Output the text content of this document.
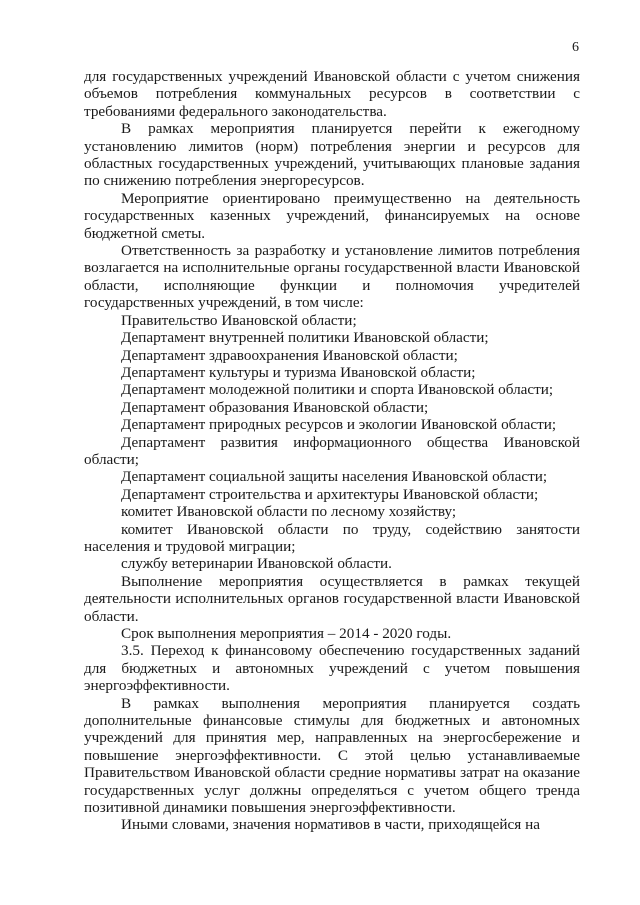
6

для государственных учреждений Ивановской области с учетом снижения объемов потребления коммунальных ресурсов в соответствии с требованиями федерального законодательства.

В рамках мероприятия планируется перейти к ежегодному установлению лимитов (норм) потребления энергии и ресурсов для областных государственных учреждений, учитывающих плановые задания по снижению потребления энергоресурсов.

Мероприятие ориентировано преимущественно на деятельность государственных казенных учреждений, финансируемых на основе бюджетной сметы.

Ответственность за разработку и установление лимитов потребления возлагается на исполнительные органы государственной власти Ивановской области, исполняющие функции и полномочия учредителей государственных учреждений, в том числе:

Правительство Ивановской области;

Департамент внутренней политики Ивановской области;

Департамент здравоохранения Ивановской области;

Департамент культуры и туризма Ивановской области;

Департамент молодежной политики и спорта Ивановской области;

Департамент образования Ивановской области;

Департамент природных ресурсов и экологии Ивановской области;

Департамент развития информационного общества Ивановской области;

Департамент социальной защиты населения Ивановской области;

Департамент строительства и архитектуры Ивановской области;

комитет Ивановской области по лесному хозяйству;

комитет Ивановской области по труду, содействию занятости населения и трудовой миграции;

службу ветеринарии Ивановской области.

Выполнение мероприятия осуществляется в рамках текущей деятельности исполнительных органов государственной власти Ивановской области.

Срок выполнения мероприятия – 2014 - 2020 годы.

3.5. Переход к финансовому обеспечению государственных заданий для бюджетных и автономных учреждений с учетом повышения энергоэффективности.

В рамках выполнения мероприятия планируется создать дополнительные финансовые стимулы для бюджетных и автономных учреждений для принятия мер, направленных на энергосбережение и повышение энергоэффективности. С этой целью устанавливаемые Правительством Ивановской области средние нормативы затрат на оказание государственных услуг должны определяться с учетом общего тренда позитивной динамики повышения энергоэффективности.

Иными словами, значения нормативов в части, приходящейся на
